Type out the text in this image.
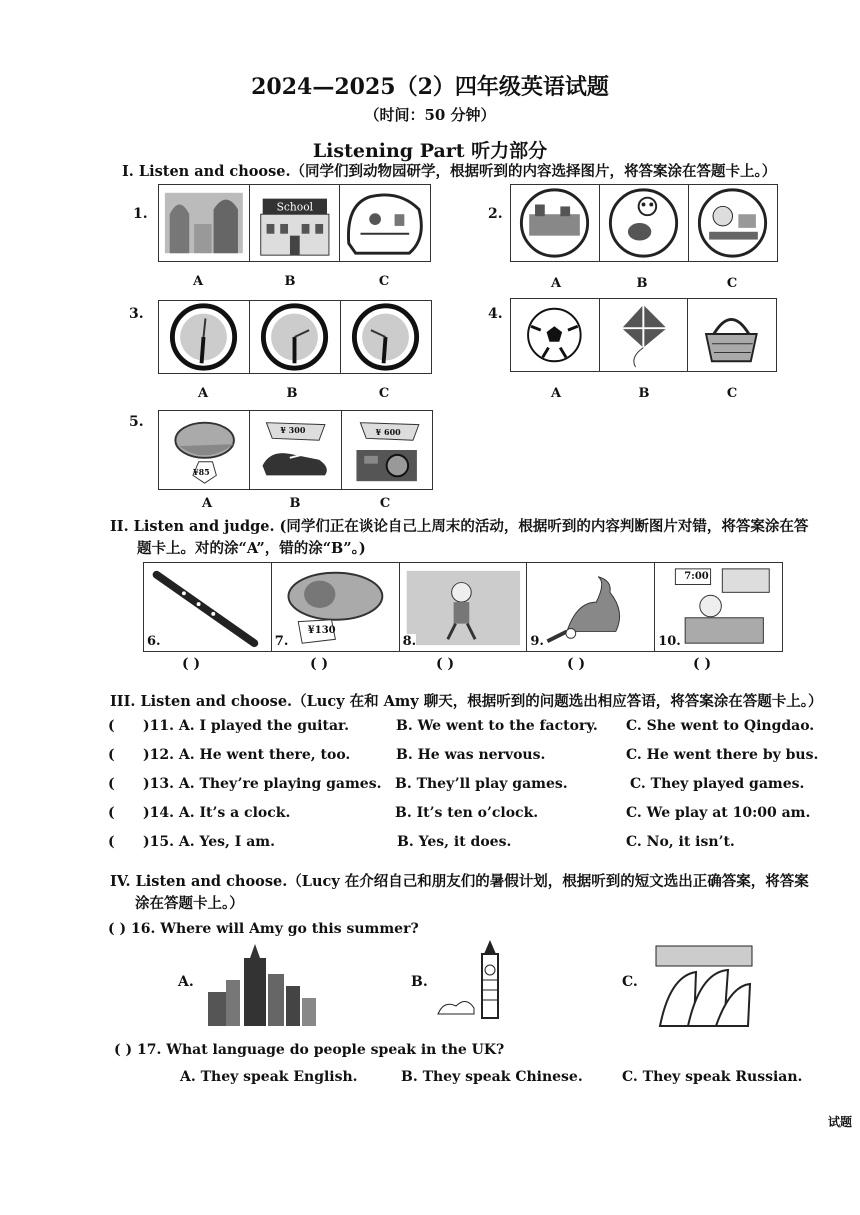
2024—2025（2）四年级英语试题
（时间：50 分钟）
Listening Part 听力部分
I. Listen and choose.（同学们到动物园研学，根据听到的内容选择图片，将答案涂在答题卡上。）
1.	School
A	B	C
2.
A	B	C
3.
A	B	C
4.
A	B	C
5.
¥85
¥ 300	¥ 600
A	B	C
II. Listen and judge. (同学们正在谈论自己上周末的活动，根据听到的内容判断图片对错，将答案涂在答
题卡上。对的涂“A”，错的涂“B”。)
6.
¥130
7.	8.	9.
7:00
10.
( )	( )	( )	( )	( )
III. Listen and choose.（Lucy 在和 Amy 聊天，根据听到的问题选出相应答语，将答案涂在答题卡上。）
( )11. A. I played the guitar.	B. We went to the factory. C. She went to Qingdao.
( )12. A. He went there, too.	B. He was nervous.	C. He went there by bus.
( )13. A. They’re playing games. B. They’ll play games.	C. They played games.
( )14. A. It’s a clock.	B. It’s ten o’clock.	C. We play at 10:00 am.
( )15. A. Yes, I am.	B. Yes, it does.	C. No, it isn’t.
IV. Listen and choose.（Lucy 在介绍自己和朋友们的暑假计划，根据听到的短文选出正确答案，将答案
涂在答题卡上。）
( ) 16. Where will Amy go this summer?
A.	B.	C.
( ) 17. What language do people speak in the UK?
A. They speak English.	B. They speak Chinese.	C. They speak Russian.
试题
